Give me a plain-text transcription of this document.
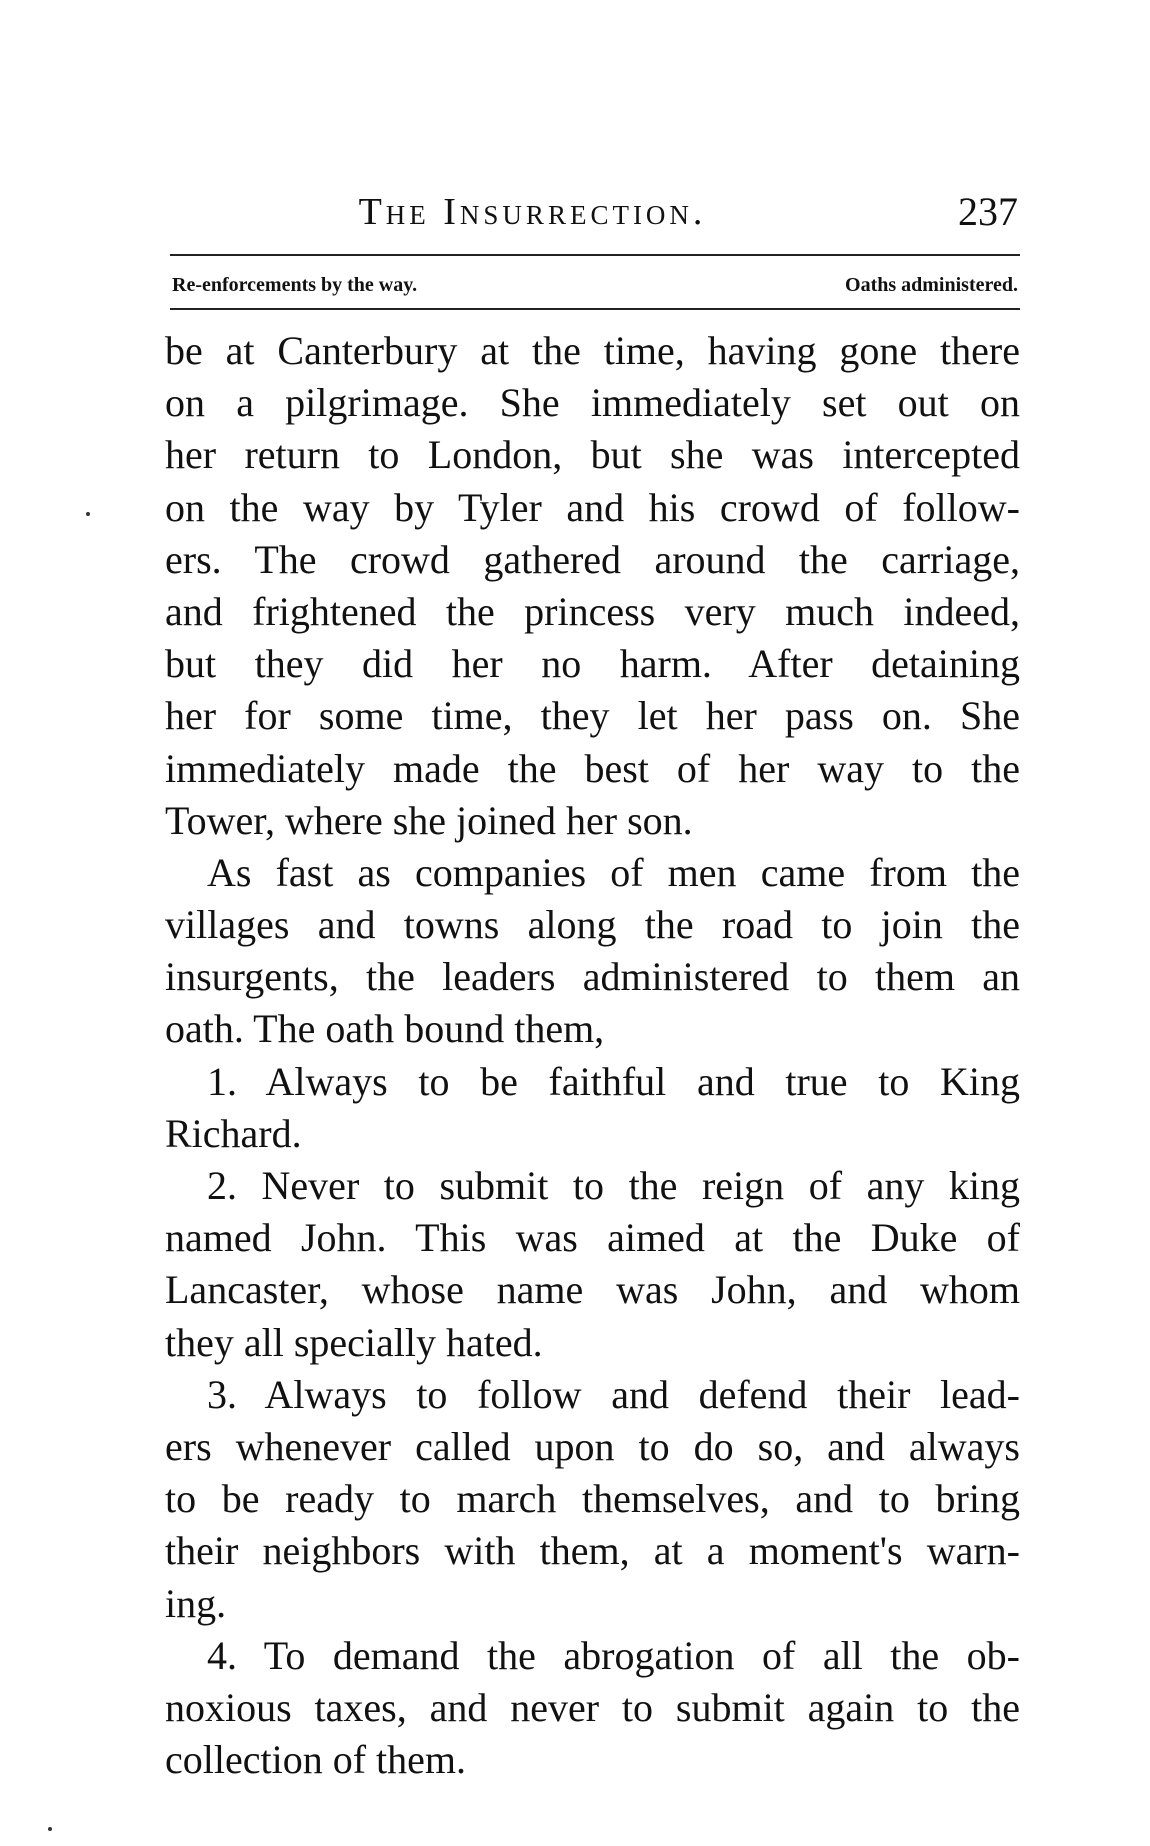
The Insurrection.	237
Re-enforcements by the way.	Oaths administered.
be at Canterbury at the time, having gone there
on a pilgrimage. She immediately set out on
her return to London, but she was intercepted
on the way by Tyler and his crowd of follow-
ers. The crowd gathered around the carriage,
and frightened the princess very much indeed,
but they did her no harm. After detaining
her for some time, they let her pass on. She
immediately made the best of her way to the
Tower, where she joined her son.
As fast as companies of men came from the
villages and towns along the road to join the
insurgents, the leaders administered to them an
oath. The oath bound them,
1. Always to be faithful and true to King
Richard.
2. Never to submit to the reign of any king
named John. This was aimed at the Duke of
Lancaster, whose name was John, and whom
they all specially hated.
3. Always to follow and defend their lead-
ers whenever called upon to do so, and always
to be ready to march themselves, and to bring
their neighbors with them, at a moment's warn-
ing.
4. To demand the abrogation of all the ob-
noxious taxes, and never to submit again to the
collection of them.
